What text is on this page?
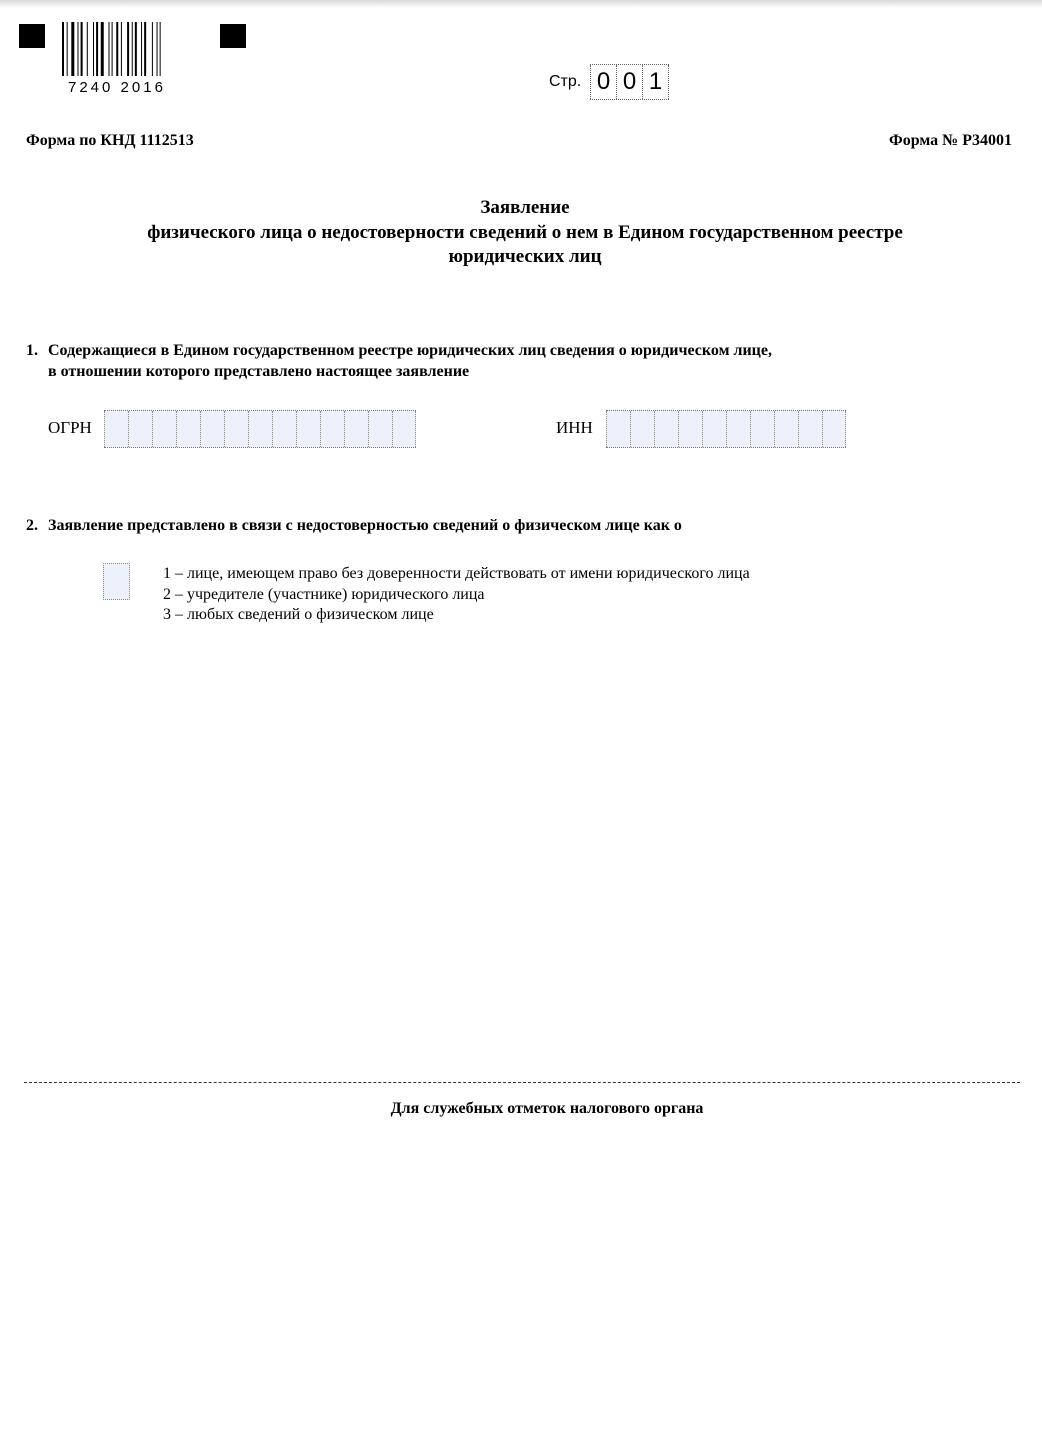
7240 2016	Стр. 0 0 1
Форма по КНД 1112513	Форма № Р34001
Заявление
физического лица о недостоверности сведений о нем в Едином государственном реестре
юридических лиц
1. Содержащиеся в Едином государственном реестре юридических лиц сведения о юридическом лице,
в отношении которого представлено настоящее заявление
ОГРН	ИНН
2. Заявление представлено в связи с недостоверностью сведений о физическом лице как о
1 – лице, имеющем право без доверенности действовать от имени юридического лица
2 – учредителе (участнике) юридического лица
3 – любых сведений о физическом лице
Для служебных отметок налогового органа
